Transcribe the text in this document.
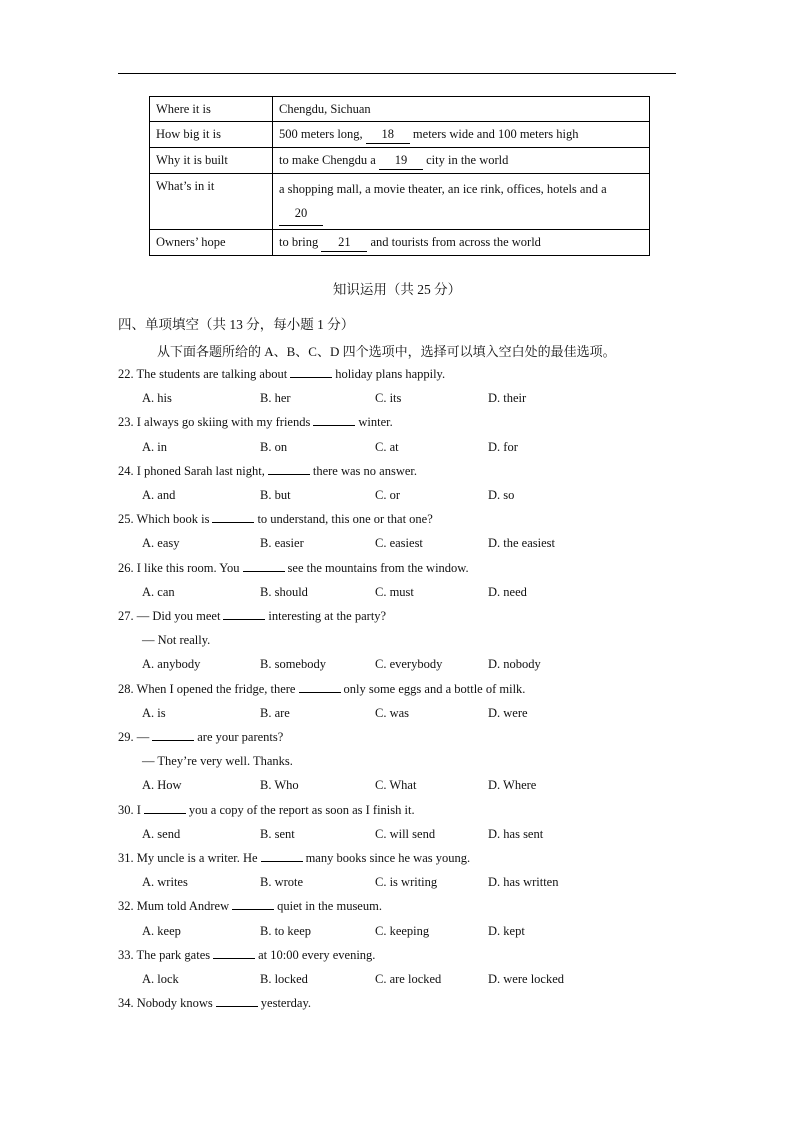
Where it is	Chengdu, Sichuan
How big it is	500 meters long, 18 meters wide and 100 meters high
Why it is built	to make Chengdu a 19 city in the world
What’s in it	a shopping mall, a movie theater, an ice rink, offices, hotels and a 20
Owners’ hope	to bring 21 and tourists from across the world
知识运用（共 25 分）
四、单项填空（共 13 分，每小题 1 分）
从下面各题所给的 A、B、C、D 四个选项中，选择可以填入空白处的最佳选项。
22. The students are talking about	holiday plans happily.
A. his	B. her	C. its	D. their
23. I always go skiing with my friends	winter.
A. in	B. on	C. at	D. for
24. I phoned Sarah last night,	there was no answer.
A. and	B. but	C. or	D. so
25. Which book is	to understand, this one or that one?
A. easy	B. easier	C. easiest	D. the easiest
26. I like this room. You	see the mountains from the window.
A. can	B. should	C. must	D. need
27. — Did you meet	interesting at the party?
— Not really.
A. anybody	B. somebody	C. everybody	D. nobody
28. When I opened the fridge, there	only some eggs and a bottle of milk.
A. is	B. are	C. was	D. were
29. —	are your parents?
— They’re very well. Thanks.
A. How	B. Who	C. What	D. Where
30. I	you a copy of the report as soon as I finish it.
A. send	B. sent	C. will send	D. has sent
31. My uncle is a writer. He	many books since he was young.
A. writes	B. wrote	C. is writing	D. has written
32. Mum told Andrew	quiet in the museum.
A. keep	B. to keep	C. keeping	D. kept
33. The park gates	at 10:00 every evening.
A. lock	B. locked	C. are locked	D. were locked
34. Nobody knows	yesterday.
